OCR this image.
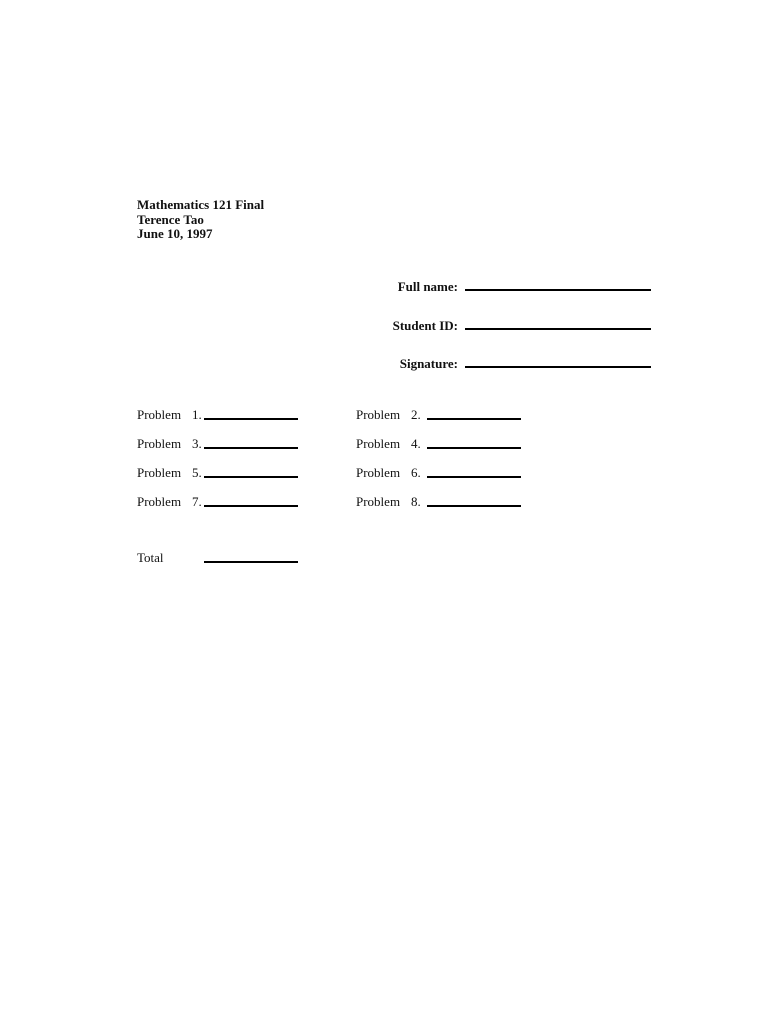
Mathematics 121 Final
Terence Tao
June 10, 1997
Full name:
Student ID:
Signature:
Problem 1.	Problem 2.
Problem 3.	Problem 4.
Problem 5.	Problem 6.
Problem 7.	Problem 8.
Total
